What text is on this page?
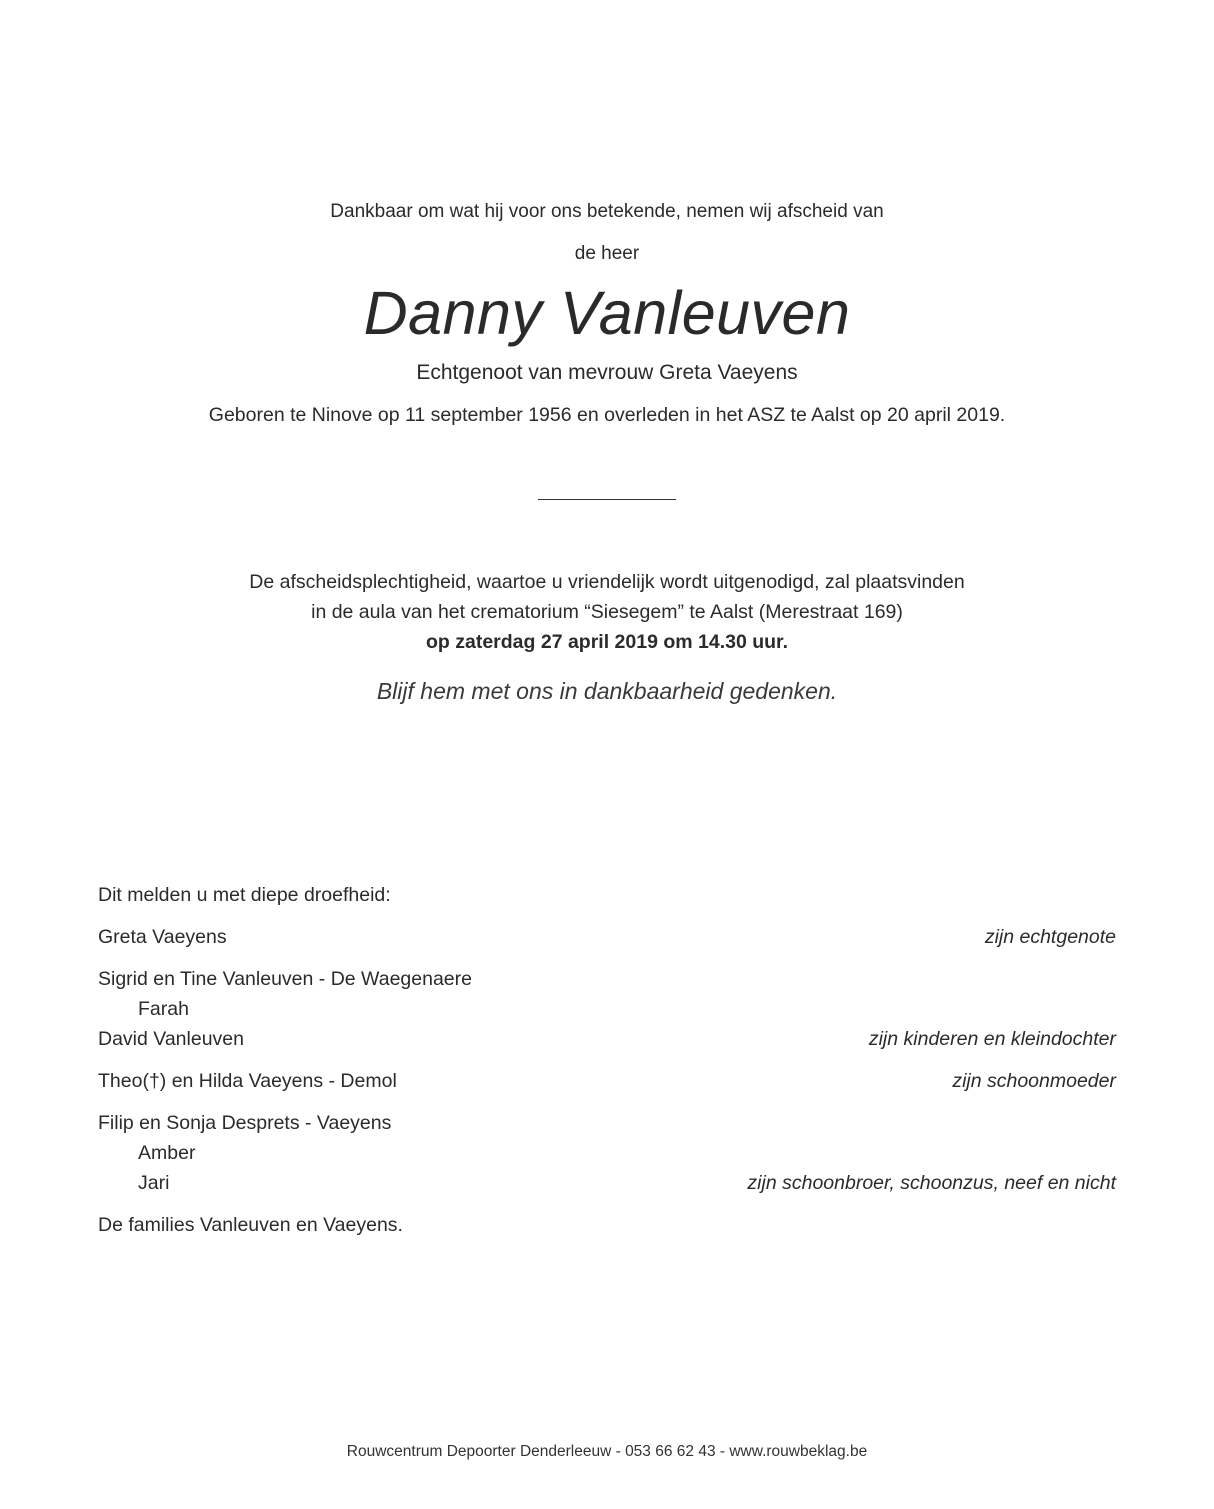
Dankbaar om wat hij voor ons betekende, nemen wij afscheid van
de heer
Danny Vanleuven
Echtgenoot van mevrouw Greta Vaeyens
Geboren te Ninove op 11 september 1956 en overleden in het ASZ te Aalst op 20 april 2019.
De afscheidsplechtigheid, waartoe u vriendelijk wordt uitgenodigd, zal plaatsvinden
in de aula van het crematorium “Siesegem” te Aalst (Merestraat 169)
op zaterdag 27 april 2019 om 14.30 uur.
Blijf hem met ons in dankbaarheid gedenken.
Dit melden u met diepe droefheid:
Greta Vaeyens	zijn echtgenote
Sigrid en Tine Vanleuven - De Waegenaere
Farah
David Vanleuven	zijn kinderen en kleindochter
Theo(†) en Hilda Vaeyens - Demol	zijn schoonmoeder
Filip en Sonja Desprets - Vaeyens
Amber
Jari	zijn schoonbroer, schoonzus, neef en nicht
De families Vanleuven en Vaeyens.
Rouwcentrum Depoorter Denderleeuw - 053 66 62 43 - www.rouwbeklag.be
